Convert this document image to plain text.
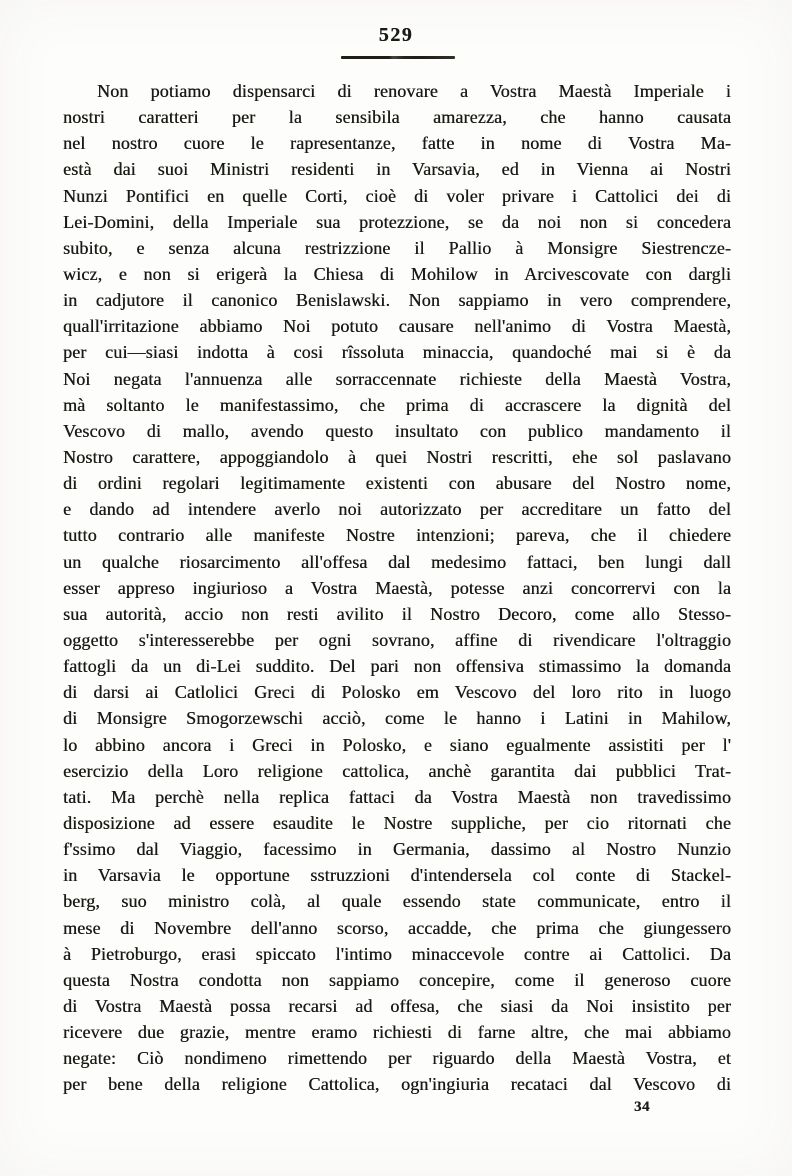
529
Non potiamo dispensarci di renovare a Vostra Maestà Imperiale i
nostri caratteri per la sensibila amarezza, che hanno causata
nel nostro cuore le rapresentanze, fatte in nome di Vostra Ma-
està dai suoi Ministri residenti in Varsavia, ed in Vienna ai Nostri
Nunzi Pontifici en quelle Corti, cioè di voler privare i Cattolici dei di
Lei-Domini, della Imperiale sua protezzione, se da noi non si concedera
subito, e senza alcuna restrizzione il Pallio à Monsigre Siestrencze-
wicz, e non si erigerà la Chiesa di Mohilow in Arcivescovate con dargli
in cadjutore il canonico Benislawski. Non sappiamo in vero comprendere,
quall'irritazione abbiamo Noi potuto causare nell'animo di Vostra Maestà,
per cui—siasi indotta à cosi rîssoluta minaccia, quandoché mai si è da
Noi negata l'annuenza alle sorraccennate richieste della Maestà Vostra,
mà soltanto le manifestassimo, che prima di accrascere la dignità del
Vescovo di mallo, avendo questo insultato con publico mandamento il
Nostro carattere, appoggiandolo à quei Nostri rescritti, ehe sol paslavano
di ordini regolari legitimamente existenti con abusare del Nostro nome,
e dando ad intendere averlo noi autorizzato per accreditare un fatto del
tutto contrario alle manifeste Nostre intenzioni; pareva, che il chiedere
un qualche riosarcimento all'offesa dal medesimo fattaci, ben lungi dall
esser appreso ingiurioso a Vostra Maestà, potesse anzi concorrervi con la
sua autorità, accio non resti avilito il Nostro Decoro, come allo Stesso-
oggetto s'interesserebbe per ogni sovrano, affine di rivendicare l'oltraggio
fattogli da un di-Lei suddito. Del pari non offensiva stimassimo la domanda
di darsi ai Catlolici Greci di Polosko em Vescovo del loro rito in luogo
di Monsigre Smogorzewschi acciò, come le hanno i Latini in Mahilow,
lo abbino ancora i Greci in Polosko, e siano egualmente assistiti per l'
esercizio della Loro religione cattolica, anchè garantita dai pubblici Trat-
tati. Ma perchè nella replica fattaci da Vostra Maestà non travedissimo
disposizione ad essere esaudite le Nostre suppliche, per cio ritornati che
f'ssimo dal Viaggio, facessimo in Germania, dassimo al Nostro Nunzio
in Varsavia le opportune sstruzzioni d'intendersela col conte di Stackel-
berg, suo ministro colà, al quale essendo state communicate, entro il
mese di Novembre dell'anno scorso, accadde, che prima che giungessero
à Pietroburgo, erasi spiccato l'intimo minaccevole contre ai Cattolici. Da
questa Nostra condotta non sappiamo concepire, come il generoso cuore
di Vostra Maestà possa recarsi ad offesa, che siasi da Noi insistito per
ricevere due grazie, mentre eramo richiesti di farne altre, che mai abbiamo
negate: Ciò nondimeno rimettendo per riguardo della Maestà Vostra, et
per bene della religione Cattolica, ogn'ingiuria recataci dal Vescovo di
34
